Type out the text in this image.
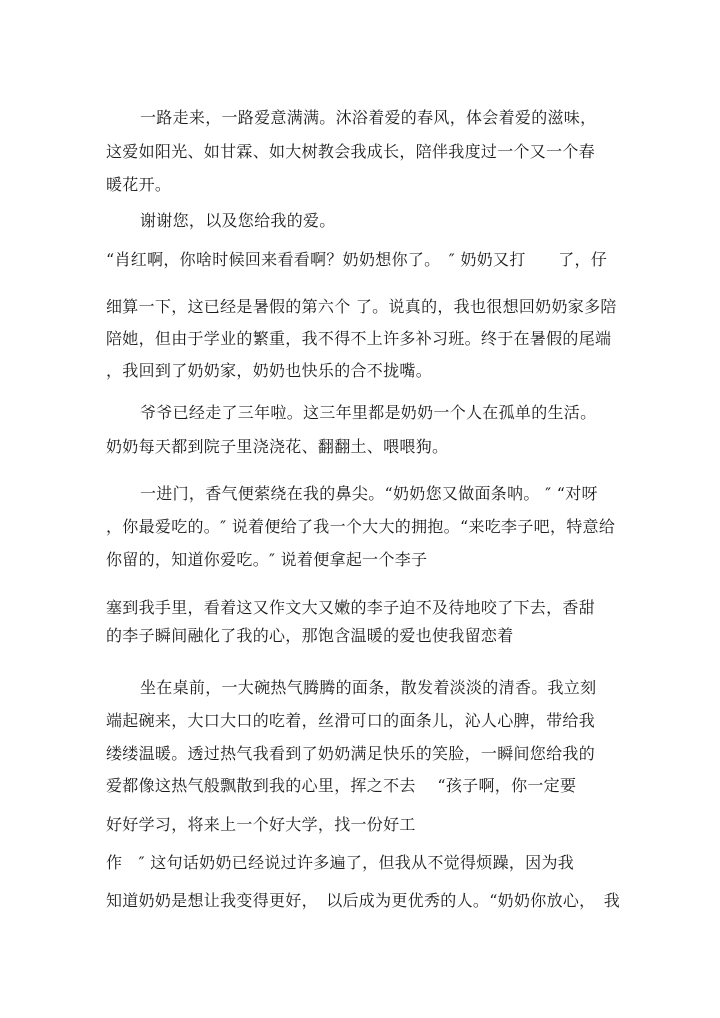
一路走来，一路爱意满满。沐浴着爱的春风，体会着爱的滋味，
这爱如阳光、如甘霖、如大树教会我成长，陪伴我度过一个又一个春
暖花开。
谢谢您，以及您给我的爱。
“肖红啊，你啥时候回来看看啊？奶奶想你了。　″ 奶奶又打　　了，仔
细算一下，这已经是暑假的第六个 了。说真的，我也很想回奶奶家多陪
陪她，但由于学业的繁重，我不得不上许多补习班。终于在暑假的尾端
，我回到了奶奶家，奶奶也快乐的合不拢嘴。
爷爷已经走了三年啦。这三年里都是奶奶一个人在孤单的生活。
奶奶每天都到院子里浇浇花、翻翻土、喂喂狗。
一进门，香气便萦绕在我的鼻尖。“奶奶您又做面条呐。 ″ “对呀
，你最爱吃的。″ 说着便给了我一个大大的拥抱。“来吃李子吧，特意给
你留的，知道你爱吃。″ 说着便拿起一个李子
塞到我手里，看着这又作文大又嫩的李子迫不及待地咬了下去，香甜
的李子瞬间融化了我的心，那饱含温暖的爱也使我留恋着
坐在桌前，一大碗热气腾腾的面条，散发着淡淡的清香。我立刻
端起碗来，大口大口的吃着，丝滑可口的面条儿，沁人心脾，带给我
缕缕温暖。透过热气我看到了奶奶满足快乐的笑脸，一瞬间您给我的
爱都像这热气般飘散到我的心里，挥之不去　 “孩子啊，你一定要
好好学习，将来上一个好大学，找一份好工
作　″ 这句话奶奶已经说过许多遍了，但我从不觉得烦躁，因为我
知道奶奶是想让我变得更好，　以后成为更优秀的人。“奶奶你放心，　我
